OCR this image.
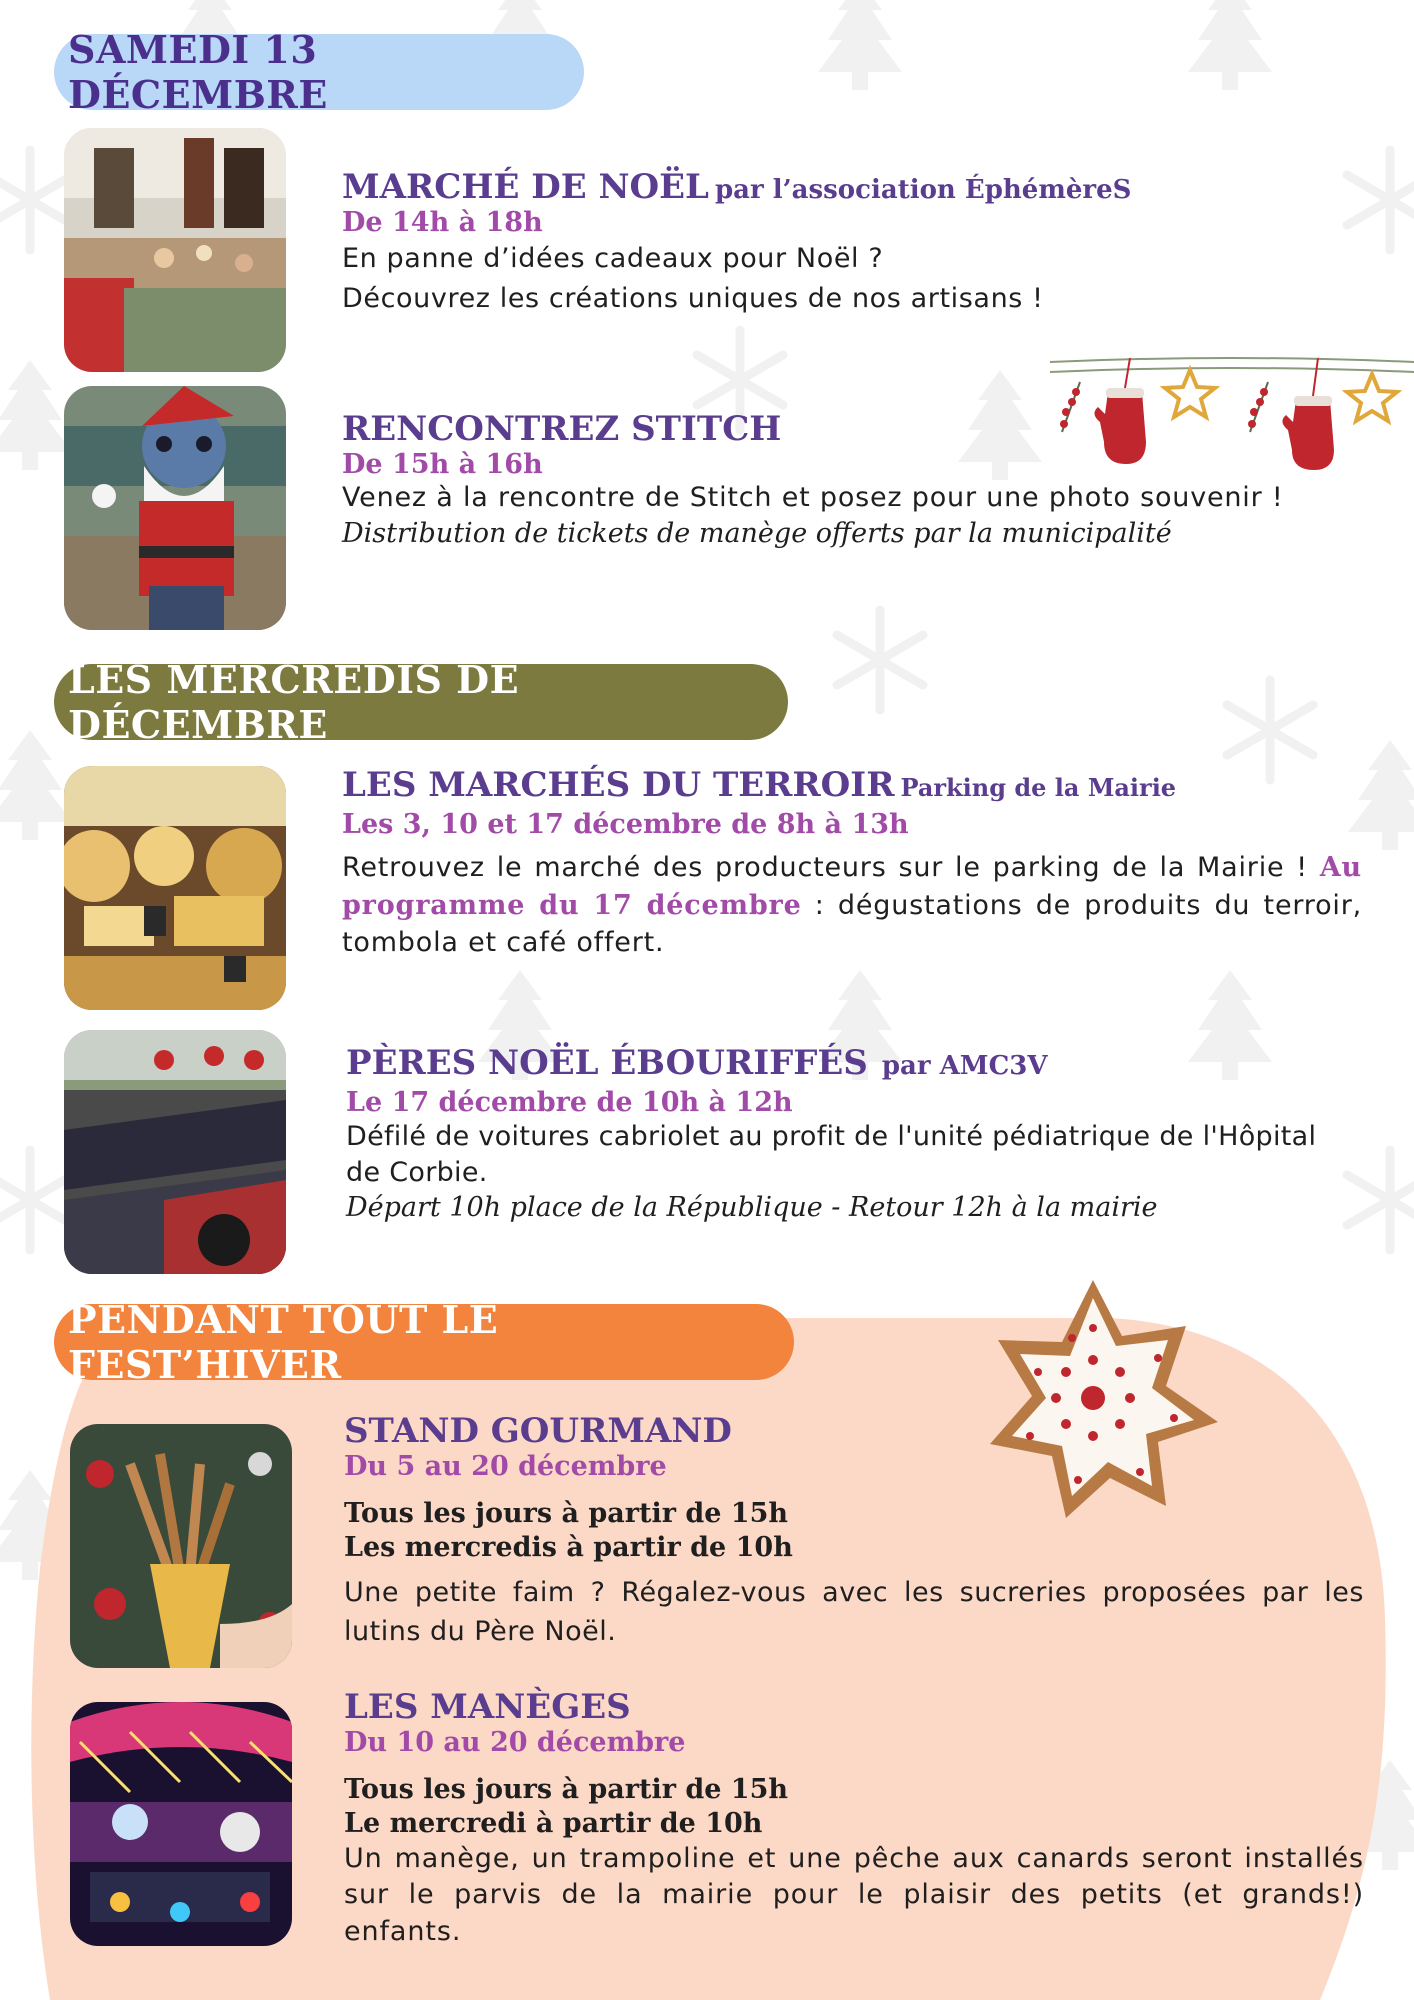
SAMEDI 13 DÉCEMBRE
MARCHÉ DE NOËL par l’association ÉphémèreS
De 14h à 18h
En panne d’idées cadeaux pour Noël ?
Découvrez les créations uniques de nos artisans !
RENCONTREZ STITCH
De 15h à 16h
Venez à la rencontre de Stitch et posez pour une photo souvenir !
Distribution de tickets de manège offerts par la municipalité
LES MERCREDIS DE DÉCEMBRE
LES MARCHÉS DU TERROIR Parking de la Mairie
Les 3, 10 et 17 décembre de 8h à 13h
Retrouvez le marché des producteurs sur le parking de la Mairie ! Au programme du 17 décembre : dégustations de produits du terroir, tombola et café offert.
PÈRES NOËL ÉBOURIFFÉS par AMC3V
Le 17 décembre de 10h à 12h
Défilé de voitures cabriolet au profit de l'unité pédiatrique de l'Hôpital de Corbie.
Départ 10h place de la République - Retour 12h à la mairie
PENDANT TOUT LE FEST’HIVER
STAND GOURMAND
Du 5 au 20 décembre
Tous les jours à partir de 15h
Les mercredis à partir de 10h
Une petite faim ? Régalez-vous avec les sucreries proposées par les lutins du Père Noël.
LES MANÈGES
Du 10 au 20 décembre
Tous les jours à partir de 15h
Le mercredi à partir de 10h
Un manège, un trampoline et une pêche aux canards seront installés sur le parvis de la mairie pour le plaisir des petits (et grands!) enfants.
